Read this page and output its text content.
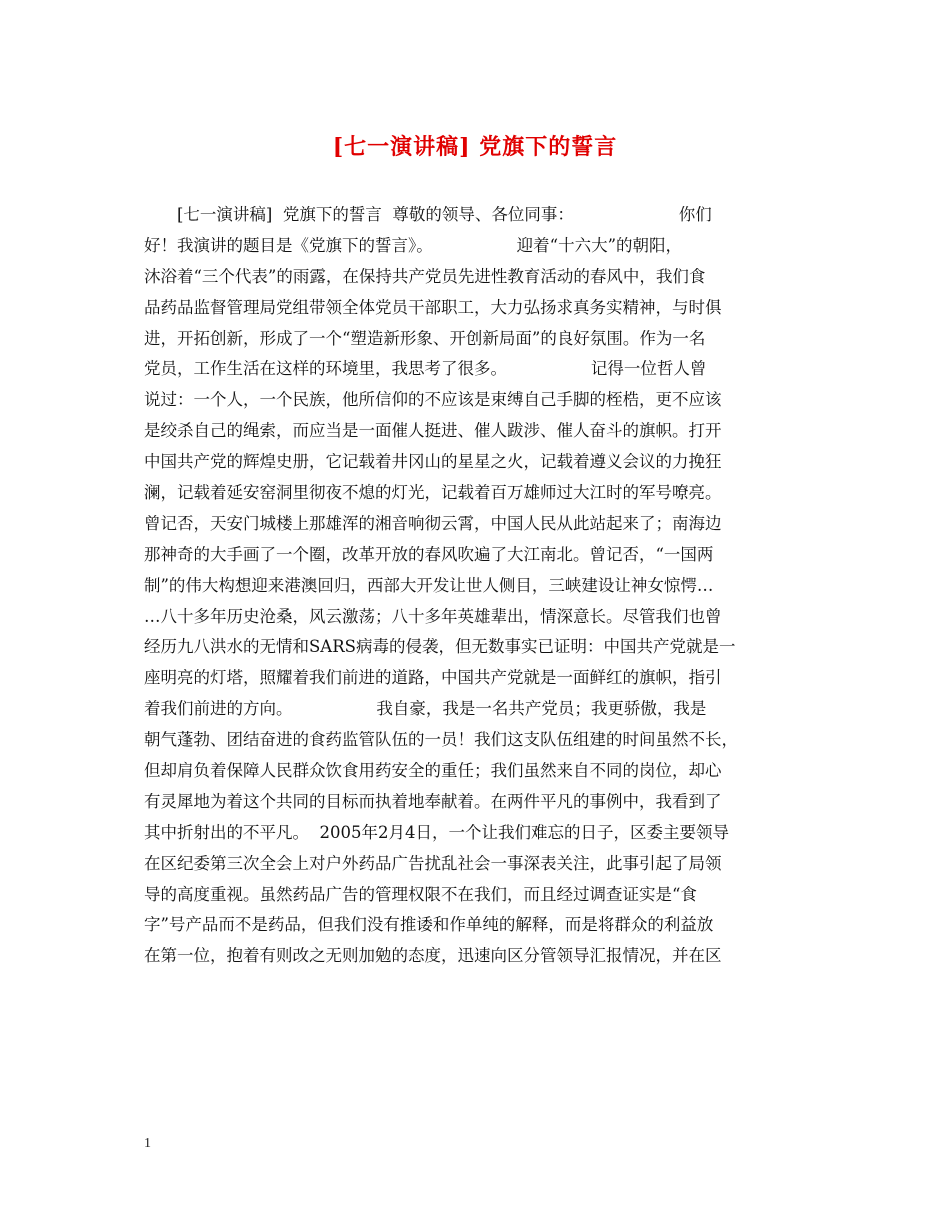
[七一演讲稿] 党旗下的誓言
[七一演讲稿]  党旗下的誓言  尊敬的领导、各位同事：                    你们
好！我演讲的题目是《党旗下的誓言》。                迎着“十六大”的朝阳，
沐浴着“三个代表”的雨露，在保持共产党员先进性教育活动的春风中，我们食
品药品监督管理局党组带领全体党员干部职工，大力弘扬求真务实精神，与时俱
进，开拓创新，形成了一个“塑造新形象、开创新局面”的良好氛围。作为一名
党员，工作生活在这样的环境里，我思考了很多。                记得一位哲人曾
说过：一个人，一个民族，他所信仰的不应该是束缚自己手脚的桎梏，更不应该
是绞杀自己的绳索，而应当是一面催人挺进、催人跋涉、催人奋斗的旗帜。打开
中国共产党的辉煌史册，它记载着井冈山的星星之火，记载着遵义会议的力挽狂
澜，记载着延安窑洞里彻夜不熄的灯光，记载着百万雄师过大江时的军号嘹亮。
曾记否，天安门城楼上那雄浑的湘音响彻云霄，中国人民从此站起来了；南海边
那神奇的大手画了一个圈，改革开放的春风吹遍了大江南北。曾记否，“一国两
制”的伟大构想迎来港澳回归，西部大开发让世人侧目，三峡建设让神女惊愕…
…八十多年历史沧桑，风云激荡；八十多年英雄辈出，情深意长。尽管我们也曾
经历九八洪水的无情和SARS病毒的侵袭，但无数事实已证明：中国共产党就是一
座明亮的灯塔，照耀着我们前进的道路，中国共产党就是一面鲜红的旗帜，指引
着我们前进的方向。                我自豪，我是一名共产党员；我更骄傲，我是
朝气蓬勃、团结奋进的食药监管队伍的一员！我们这支队伍组建的时间虽然不长，
但却肩负着保障人民群众饮食用药安全的重任；我们虽然来自不同的岗位，却心
有灵犀地为着这个共同的目标而执着地奉献着。在两件平凡的事例中，我看到了
其中折射出的不平凡。  2005年2月4日，一个让我们难忘的日子，区委主要领导
在区纪委第三次全会上对户外药品广告扰乱社会一事深表关注，此事引起了局领
导的高度重视。虽然药品广告的管理权限不在我们，而且经过调查证实是“食
字”号产品而不是药品，但我们没有推诿和作单纯的解释，而是将群众的利益放
在第一位，抱着有则改之无则加勉的态度，迅速向区分管领导汇报情况，并在区
1
